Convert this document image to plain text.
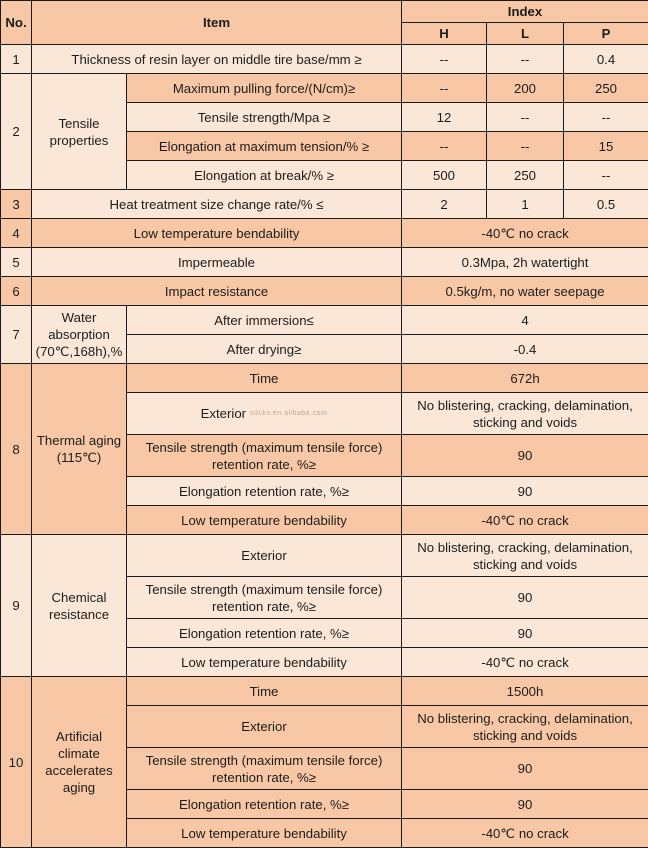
No.	Item		Index		
			H	L	P
1	Thickness of resin layer on middle tire base/mm ≥		--	--	0.4
2	Tensile properties	Maximum pulling force/(N/cm)≥	--	200	250
		Tensile strength/Mpa ≥	12	--	--
		Elongation at maximum tension/% ≥	--	--	15
		Elongation at break/% ≥	500	250	--
3	Heat treatment size change rate/% ≤		2	1	0.5
4	Low temperature bendability		-40℃ no crack		
5	Impermeable		0.3Mpa, 2h watertight		
6	Impact resistance		0.5kg/m, no water seepage		
7	Water absorption (70℃,168h),%	After immersion≤	4		
		After drying≥	-0.4		
8	Thermal aging (115℃)	Time	672h		
		Exterior $^{sdckx.en.alibaba.com}$	No blistering, cracking, delamination, sticking and voids		
		Tensile strength (maximum tensile force) retention rate, %≥	90		
		Elongation retention rate, %≥	90		
		Low temperature bendability	-40℃ no crack		
9	Chemical resistance	Exterior	No blistering, cracking, delamination, sticking and voids		
		Tensile strength (maximum tensile force) retention rate, %≥	90		
		Elongation retention rate, %≥	90		
		Low temperature bendability	-40℃ no crack		
10	Artificial climate accelerates aging	Time	1500h		
		Exterior	No blistering, cracking, delamination, sticking and voids		
		Tensile strength (maximum tensile force) retention rate, %≥	90		
		Elongation retention rate, %≥	90		
		Low temperature bendability	-40℃ no crack		
